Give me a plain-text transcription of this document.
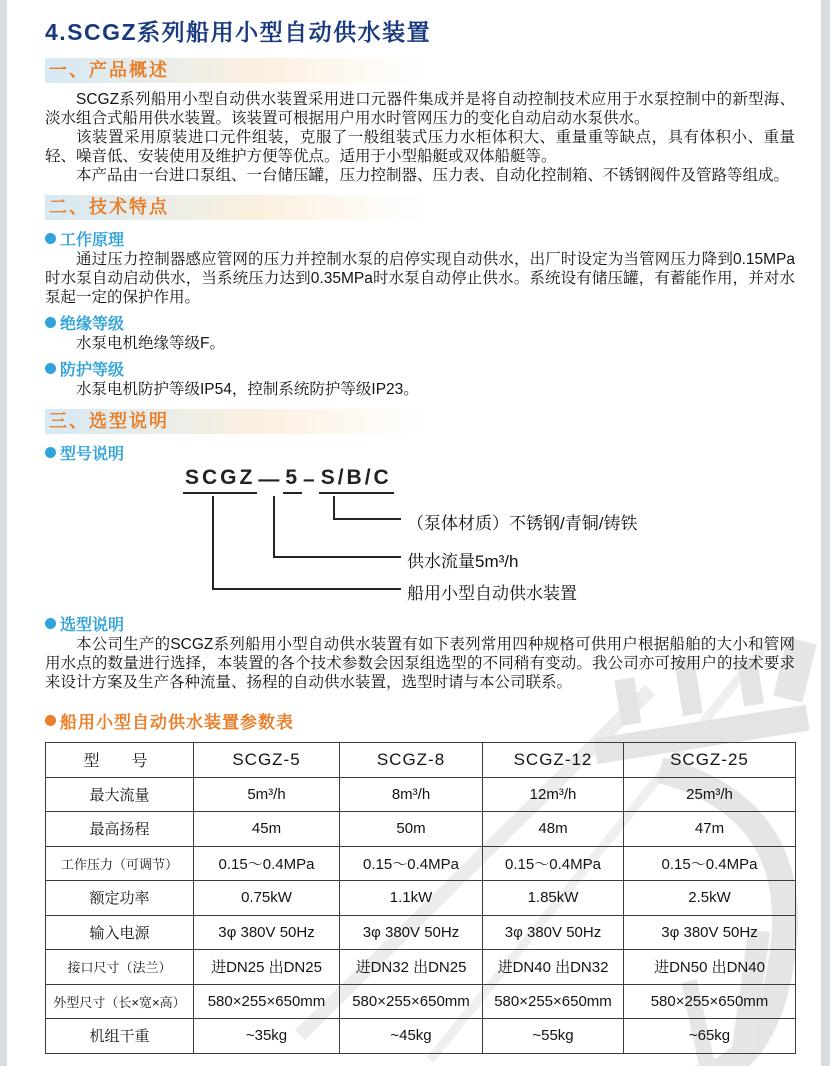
4.SCGZ系列船用小型自动供水装置
一、产品概述

SCGZ系列船用小型自动供水装置采用进口元器件集成并是将自动控制技术应用于水泵控制中的新型海、淡水组合式船用供水装置。该装置可根据用户用水时管网压力的变化自动启动水泵供水。

该装置采用原装进口元件组装，克服了一般组装式压力水柜体积大、重量重等缺点，具有体积小、重量轻、噪音低、安装使用及维护方便等优点。适用于小型船艇或双体船艇等。

本产品由一台进口泵组、一台储压罐，压力控制器、压力表、自动化控制箱、不锈钢阀件及管路等组成。

二、技术特点
工作原理

通过压力控制器感应管网的压力并控制水泵的启停实现自动供水，出厂时设定为当管网压力降到0.15MPa时水泵自动启动供水，当系统压力达到0.35MPa时水泵自动停止供水。系统设有储压罐，有蓄能作用，并对水泵起一定的保护作用。

绝缘等级

水泵电机绝缘等级F。

防护等级

水泵电机防护等级IP54，控制系统防护等级IP23。

三、选型说明
型号说明
SCGZ — 5 – S/B/C
（泵体材质）不锈钢/青铜/铸铁
供水流量5m³/h
船用小型自动供水装置
选型说明

本公司生产的SCGZ系列船用小型自动供水装置有如下表列常用四种规格可供用户根据船舶的大小和管网用水点的数量进行选择，本装置的各个技术参数会因泵组选型的不同稍有变动。我公司亦可按用户的技术要求来设计方案及生产各种流量、扬程的自动供水装置，选型时请与本公司联系。

船用小型自动供水装置参数表
型　号	SCGZ-5	SCGZ-8	SCGZ-12	SCGZ-25
最大流量	5m³/h	8m³/h	12m³/h	25m³/h
最高扬程	45m	50m	48m	47m
工作压力（可调节）	0.15～0.4MPa	0.15～0.4MPa	0.15～0.4MPa	0.15～0.4MPa
额定功率	0.75kW	1.1kW	1.85kW	2.5kW
输入电源	3φ 380V 50Hz	3φ 380V 50Hz	3φ 380V 50Hz	3φ 380V 50Hz
接口尺寸（法兰）	进DN25 出DN25	进DN32 出DN25	进DN40 出DN32	进DN50 出DN40
外型尺寸（长×宽×高）	580×255×650mm	580×255×650mm	580×255×650mm	580×255×650mm
机组干重	~35kg	~45kg	~55kg	~65kg
